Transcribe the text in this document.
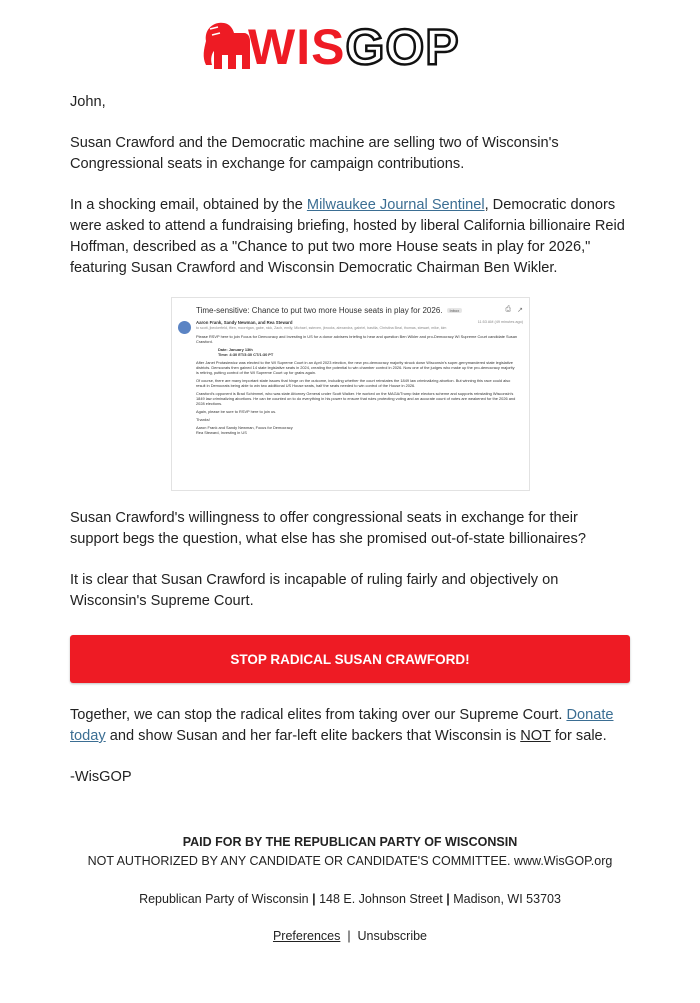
WISGOP

John,

Susan Crawford and the Democratic machine are selling two of Wisconsin's Congressional seats in exchange for campaign contributions.

In a shocking email, obtained by the Milwaukee Journal Sentinel, Democratic donors were asked to attend a fundraising briefing, hosted by liberal California billionaire Reid Hoffman, described as a "Chance to put two more House seats in play for 2026," featuring Susan Crawford and Wisconsin Democratic Chairman Ben Wikler.

Time-sensitive: Chance to put two more House seats in play for 2026. Inbox	⎙ ↗
Aaron Frank, Sandy Newman, and Rea Steward
to scott, jbeckerfeld, tfien, mcorrigan, gabe, nick, Zach, emily, Michael, ssteven, jbrooks, alexandra, gabriel, bastila, Christina Beal, thomas, stewart, mike, kim
11:53 AM (49 minutes ago)

Please RSVP here to join Focus for Democracy and Investing in US for a donor advisers briefing to hear and question Ben Wikler and pro-Democracy WI Supreme Court candidate Susan Crawford.

Date: January 13th

Time: 4:30 ET/3:30 CT/1:30 PT

After Janet Protasiewicz was elected to the WI Supreme Court in an April 2023 election, the new pro-democracy majority struck down Wisconsin's super-gerrymandered state legislative districts. Democrats then gained 14 state legislative seats in 2024, creating the potential to win chamber control in 2026. Now one of the judges who make up the pro-democracy majority is retiring, putting control of the WI Supreme Court up for grabs again.

Of course, there are many important state issues that hinge on the outcome, including whether the court reinstates the 1849 law criminalizing abortion. But winning this race could also result in Democrats being able to win two additional US House seats, half the seats needed to win control of the House in 2026.

Crawford's opponent is Brad Schimmel, who was state Attorney General under Scott Walker. He worked on the MAGA/Trump fake electors scheme and supports reinstating Wisconsin's 1849 law criminalizing abortions. He can be counted on to do everything in his power to ensure that rules protecting voting and an accurate count of votes are weakened for the 2026 and 2028 elections.

Again, please be sure to RSVP here to join us.

Thanks!

Aaron Frank and Sandy Newman, Focus for Democracy

Rea Steward, Investing in US

Susan Crawford's willingness to offer congressional seats in exchange for their support begs the question, what else has she promised out-of-state billionaires?

It is clear that Susan Crawford is incapable of ruling fairly and objectively on Wisconsin's Supreme Court.

STOP RADICAL SUSAN CRAWFORD!

Together, we can stop the radical elites from taking over our Supreme Court. Donate today and show Susan and her far-left elite backers that Wisconsin is NOT for sale.

-WisGOP

PAID FOR BY THE REPUBLICAN PARTY OF WISCONSIN
NOT AUTHORIZED BY ANY CANDIDATE OR CANDIDATE'S COMMITTEE. www.WisGOP.org
Republican Party of Wisconsin | 148 E. Johnson Street | Madison, WI 53703
Preferences | Unsubscribe
